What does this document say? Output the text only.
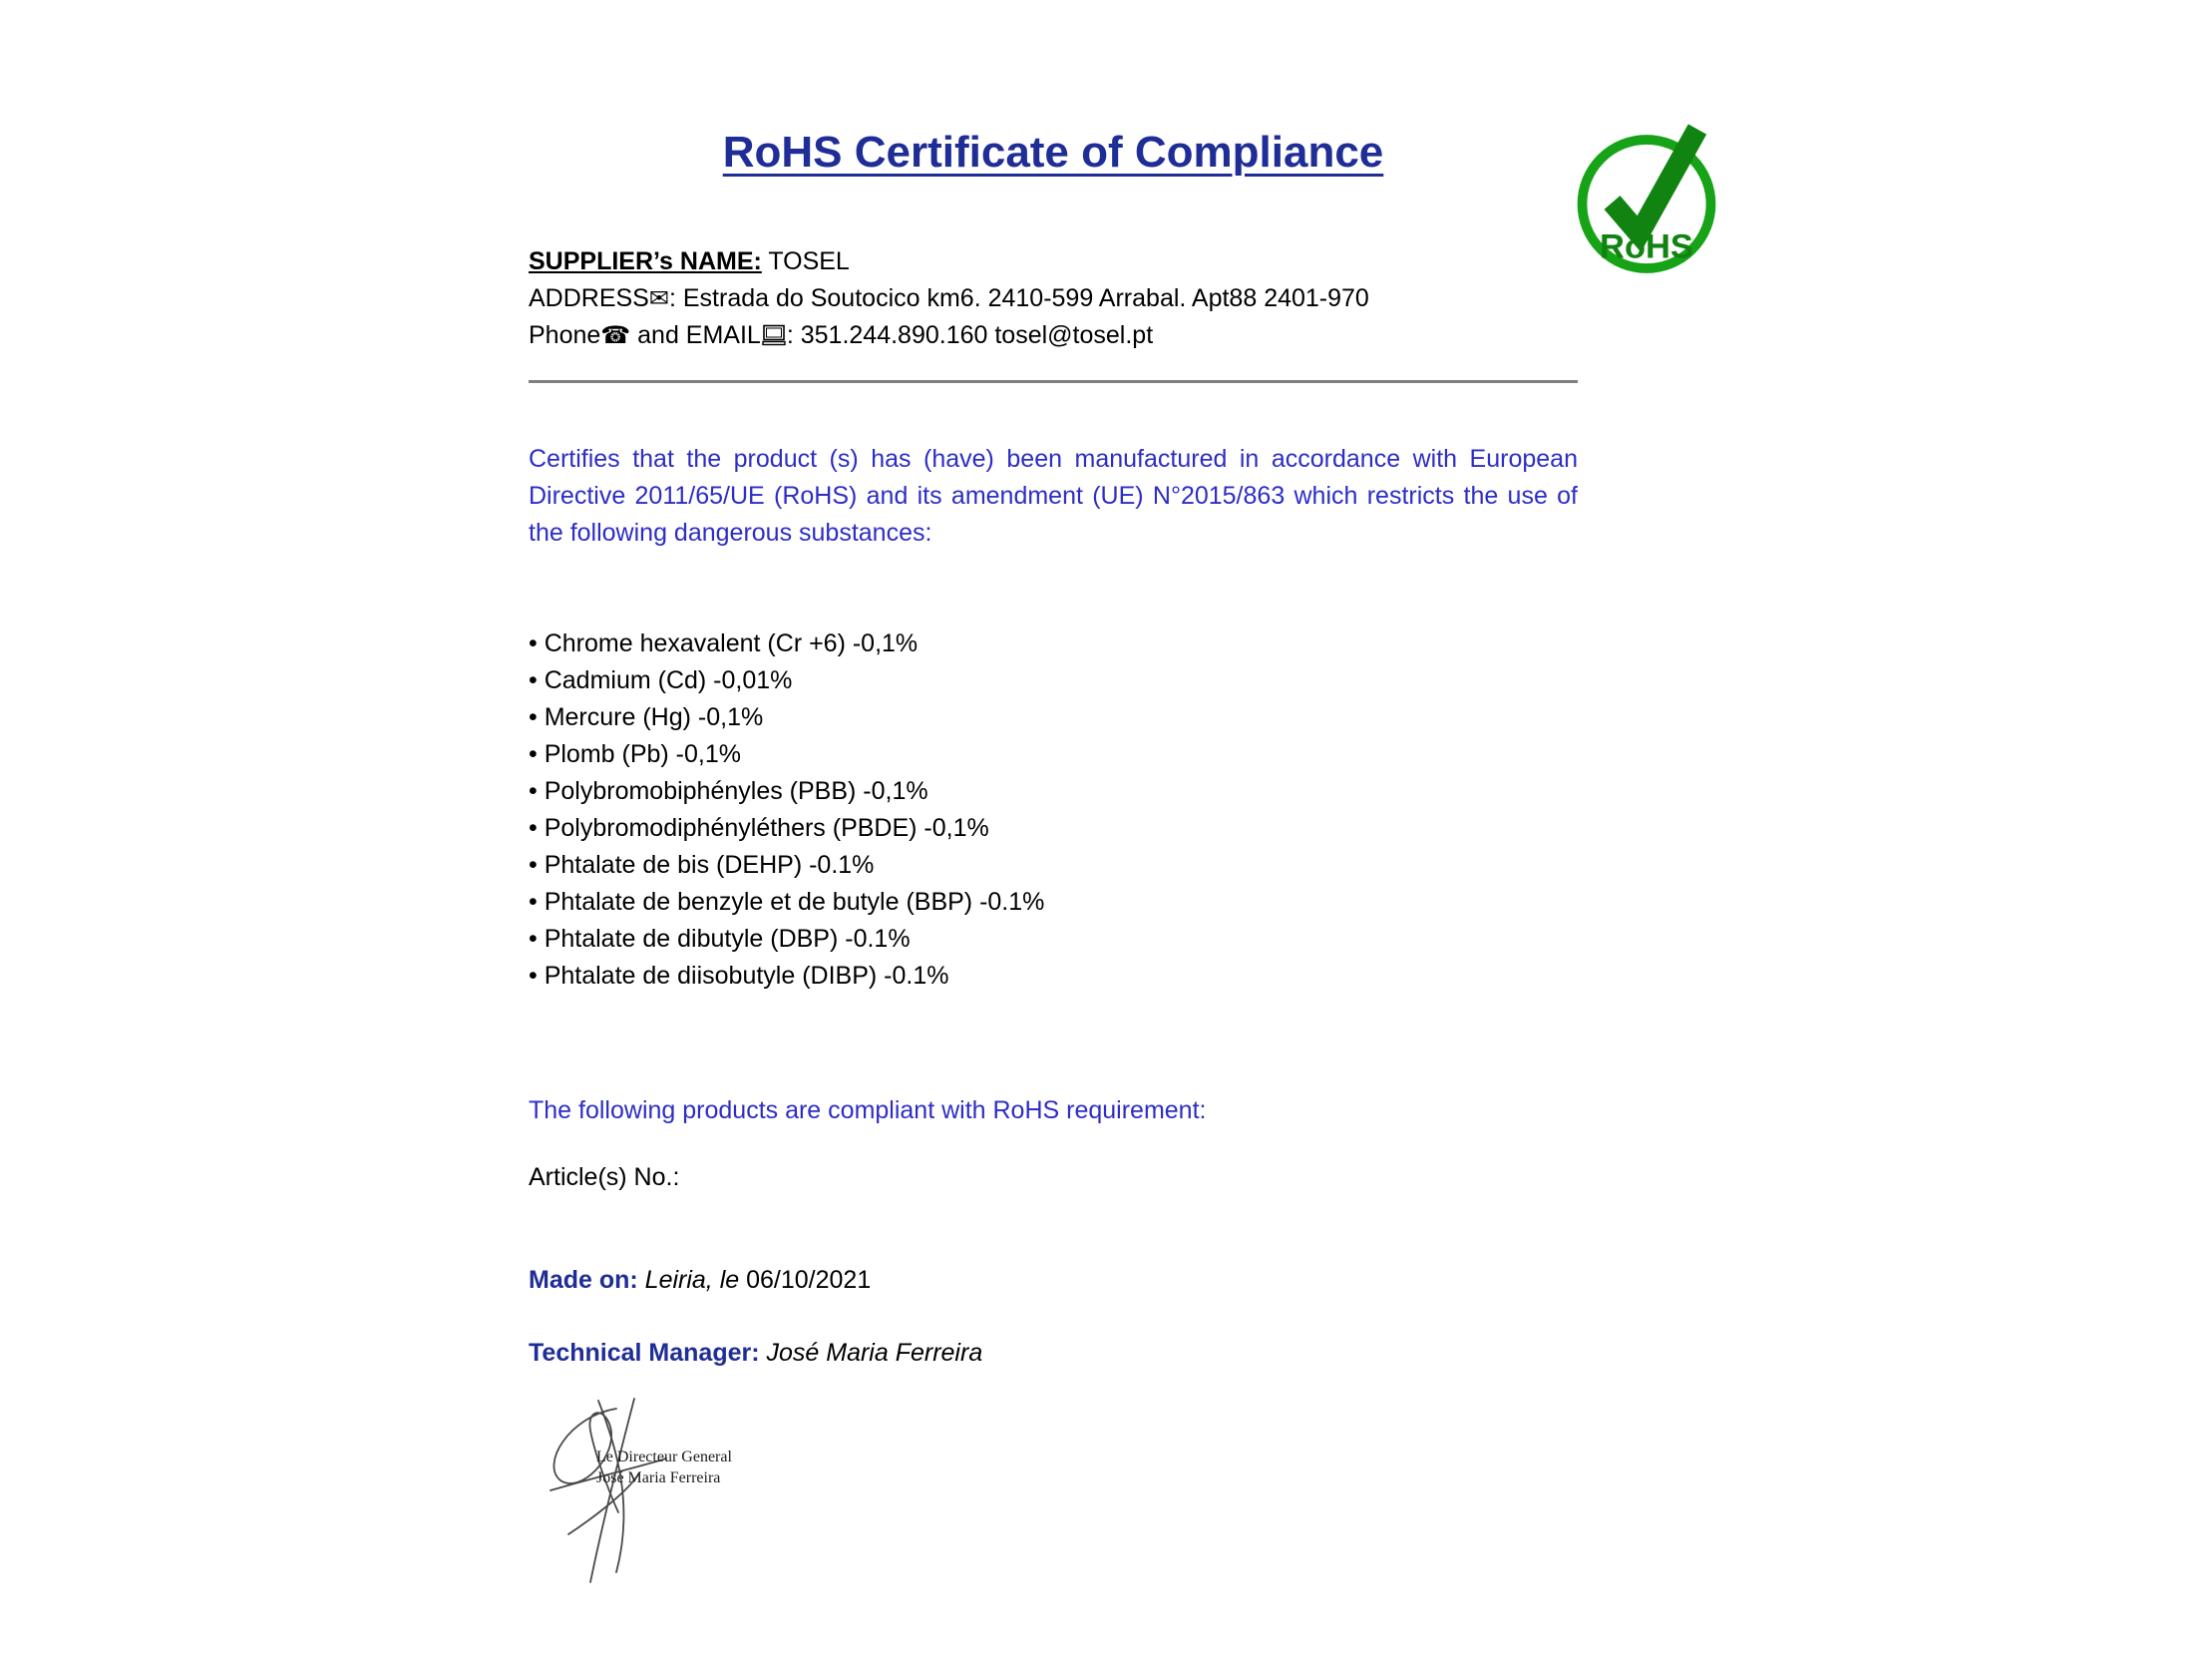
RoHS Certificate of Compliance
SUPPLIER’s NAME: TOSEL
ADDRESS✉: Estrada do Soutocico km6. 2410-599 Arrabal. Apt88 2401-970
Phone☎ and EMAIL : 351.244.890.160 tosel@tosel.pt
Certifies that the product (s) has (have) been manufactured in accordance with European Directive 2011/65/UE (RoHS) and its amendment (UE) N°2015/863 which restricts the use of the following dangerous substances:
• Chrome hexavalent (Cr +6) -0,1%
• Cadmium (Cd) -0,01%
• Mercure (Hg) -0,1%
• Plomb (Pb) -0,1%
• Polybromobiphényles (PBB) -0,1%
• Polybromodiphényléthers (PBDE) -0,1%
• Phtalate de bis (DEHP) -0.1%
• Phtalate de benzyle et de butyle (BBP) -0.1%
• Phtalate de dibutyle (DBP) -0.1%
• Phtalate de diisobutyle (DIBP) -0.1%
The following products are compliant with RoHS requirement:
Article(s) No.:
Made on: Leiria, le 06/10/2021
Technical Manager: José Maria Ferreira
RoHS
Le Directeur General
José Maria Ferreira
